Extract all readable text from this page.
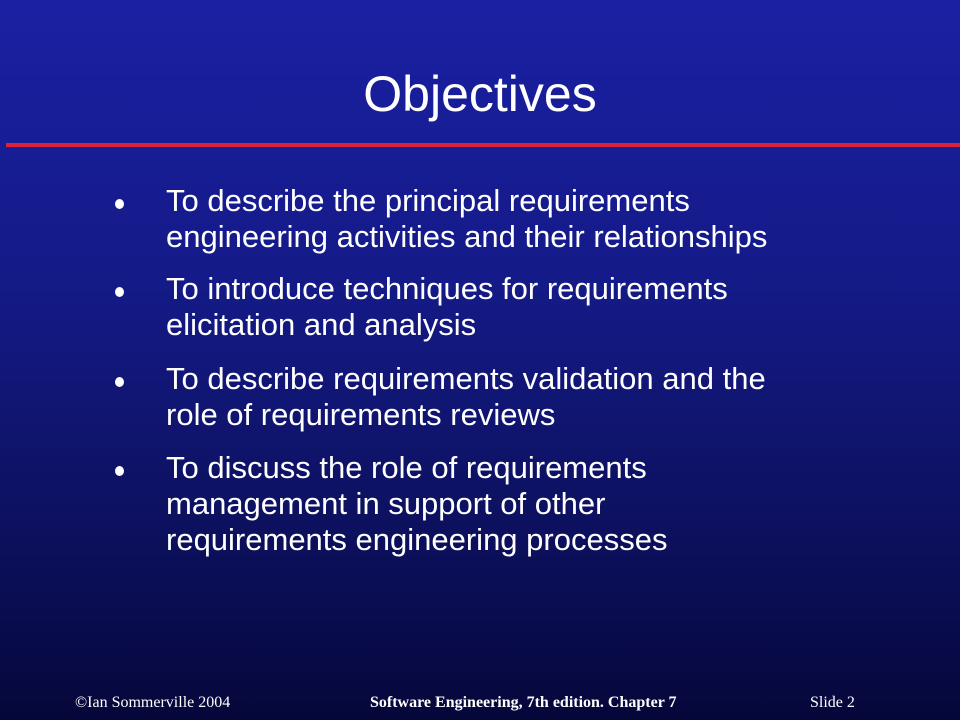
Objectives
To describe the principal requirements
engineering activities and their relationships
To introduce techniques for requirements
elicitation and analysis
To describe requirements validation and the
role of requirements reviews
To discuss the role of requirements
management in support of other
requirements engineering processes
©Ian Sommerville 2004	Software Engineering, 7th edition. Chapter 7	Slide 2
